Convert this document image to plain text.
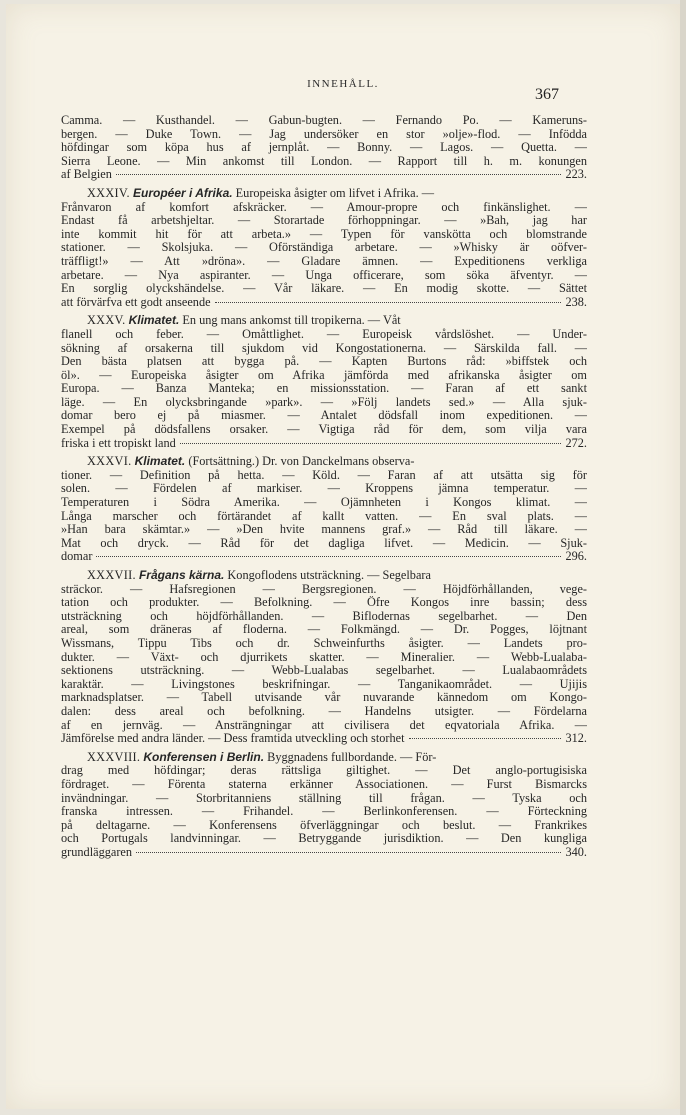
INNEHÅLL.
367
Camma. — Kusthandel. — Gabun-bugten. — Fernando Po. — Kameruns-
bergen. — Duke Town. — Jag undersöker en stor »olje»-flod. — Infödda
höfdingar som köpa hus af jernplåt. — Bonny. — Lagos. — Quetta. —
Sierra Leone. — Min ankomst till London. — Rapport till h. m. konungen
af Belgien	223.
XXXIV. Européer i Afrika. Europeiska åsigter om lifvet i Afrika. —
Frånvaron af komfort afskräcker. — Amour-propre och finkänslighet. —
Endast få arbetshjeltar. — Storartade förhoppningar. — »Bah, jag har
inte kommit hit för att arbeta.» — Typen för vansköttа och blomstrande
stationer. — Skolsjuka. — Oförständiga arbetare. — »Whisky är oöfver-
träffligt!» — Att »dröna». — Gladare ämnen. — Expeditionens verkliga
arbetare. — Nya aspiranter. — Unga officerare, som söka äfventyr. —
En sorglig olyckshändelse. — Vår läkare. — En modig skotte. — Sättet
att förvärfva ett godt anseende	238.
XXXV. Klimatet. En ung mans ankomst till tropikerna. — Våt
flanell och feber. — Omåttlighet. — Europeisk vårdslöshet. — Under-
sökning af orsakerna till sjukdom vid Kongostationerna. — Särskilda fall. —
Den bästa platsen att bygga på. — Kapten Burtons råd: »biffstek och
öl». — Europeiska åsigter om Afrika jämförda med afrikanska åsigter om
Europa. — Banza Manteka; en missionsstation. — Faran af ett sankt
läge. — En olycksbringande »park». — »Följ landets sed.» — Alla sjuk-
domar bero ej på miasmer. — Antalet dödsfall inom expeditionen. —
Exempel på dödsfallens orsaker. — Vigtiga råd för dem, som vilja vara
friska i ett tropiskt land	272.
XXXVI. Klimatet. (Fortsättning.) Dr. von Danckelmans observa-
tioner. — Definition på hetta. — Köld. — Faran af att utsätta sig för
solen. — Fördelen af markiser. — Kroppens jämna temperatur. —
Temperaturen i Södra Amerika. — Ojämnheten i Kongos klimat. —
Långa marscher och förtärandet af kallt vatten. — En sval plats. —
»Han bara skämtar.» — »Den hvite mannens graf.» — Råd till läkare. —
Mat och dryck. — Råd för det dagliga lifvet. — Medicin. — Sjuk-
domar	296.
XXXVII. Frågans kärna. Kongoflodens utsträckning. — Segelbara
sträckor. — Hafsregionen — Bergsregionen. — Höjdförhållanden, vege-
tation och produkter. — Befolkning. — Öfre Kongos inre bassin; dess
utsträckning och höjdförhållanden. — Biflodernas segelbarhet. — Den
areal, som dräneras af floderna. — Folkmängd. — Dr. Pogges, löjtnant
Wissmans, Tippu Tibs och dr. Schweinfurths åsigter. — Landets pro-
dukter. — Växt- och djurrikets skatter. — Mineralier. — Webb-Lualaba-
sektionens utsträckning. — Webb-Lualabas segelbarhet. — Lualabaområdets
karaktär. — Livingstones beskrifningar. — Tanganikaområdet. — Ujijis
marknadsplatser. — Tabell utvisande vår nuvarande kännedom om Kongo-
dalen: dess areal och befolkning. — Handelns utsigter. — Fördelarna
af en jernväg. — Ansträngningar att civilisera det eqvatoriala Afrika. —
Jämförelse med andra länder. — Dess framtida utveckling och storhet	312.
XXXVIII. Konferensen i Berlin. Byggnadens fullbordande. — För-
drag med höfdingar; deras rättsliga giltighet. — Det anglo-portugisiska
fördraget. — Förenta staterna erkänner Associationen. — Furst Bismarcks
invändningar. — Storbritanniens ställning till frågan. — Tyska och
franska intressen. — Frihandel. — Berlinkonferensen. — Förteckning
på deltagarne. — Konferensens öfverläggningar och beslut. — Frankrikes
och Portugals landvinningar. — Betryggande jurisdiktion. — Den kungliga
grundläggaren	340.
